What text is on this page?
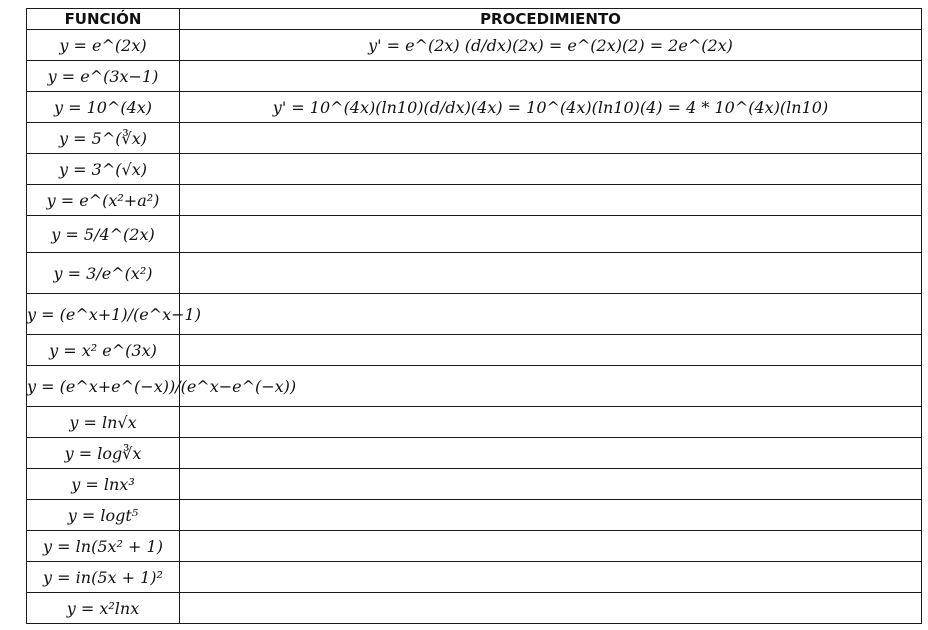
FUNCIÓN	PROCEDIMIENTO
y = e^(2x)	y' = e^(2x) (d/dx)(2x) = e^(2x)(2) = 2e^(2x)
y = e^(3x−1)	
y = 10^(4x)	y' = 10^(4x)(ln10)(d/dx)(4x) = 10^(4x)(ln10)(4) = 4 * 10^(4x)(ln10)
y = 5^(∛x)	
y = 3^(√x)	
y = e^(x²+a²)	
y = 5/4^(2x)	
y = 3/e^(x²)	
y = (e^x+1)/(e^x−1)	
y = x² e^(3x)	
y = (e^x+e^(−x))/(e^x−e^(−x))	
y = ln√x	
y = log∛x	
y = lnx³	
y = logt⁵	
y = ln(5x² + 1)	
y = in(5x + 1)²	
y = x²lnx	
